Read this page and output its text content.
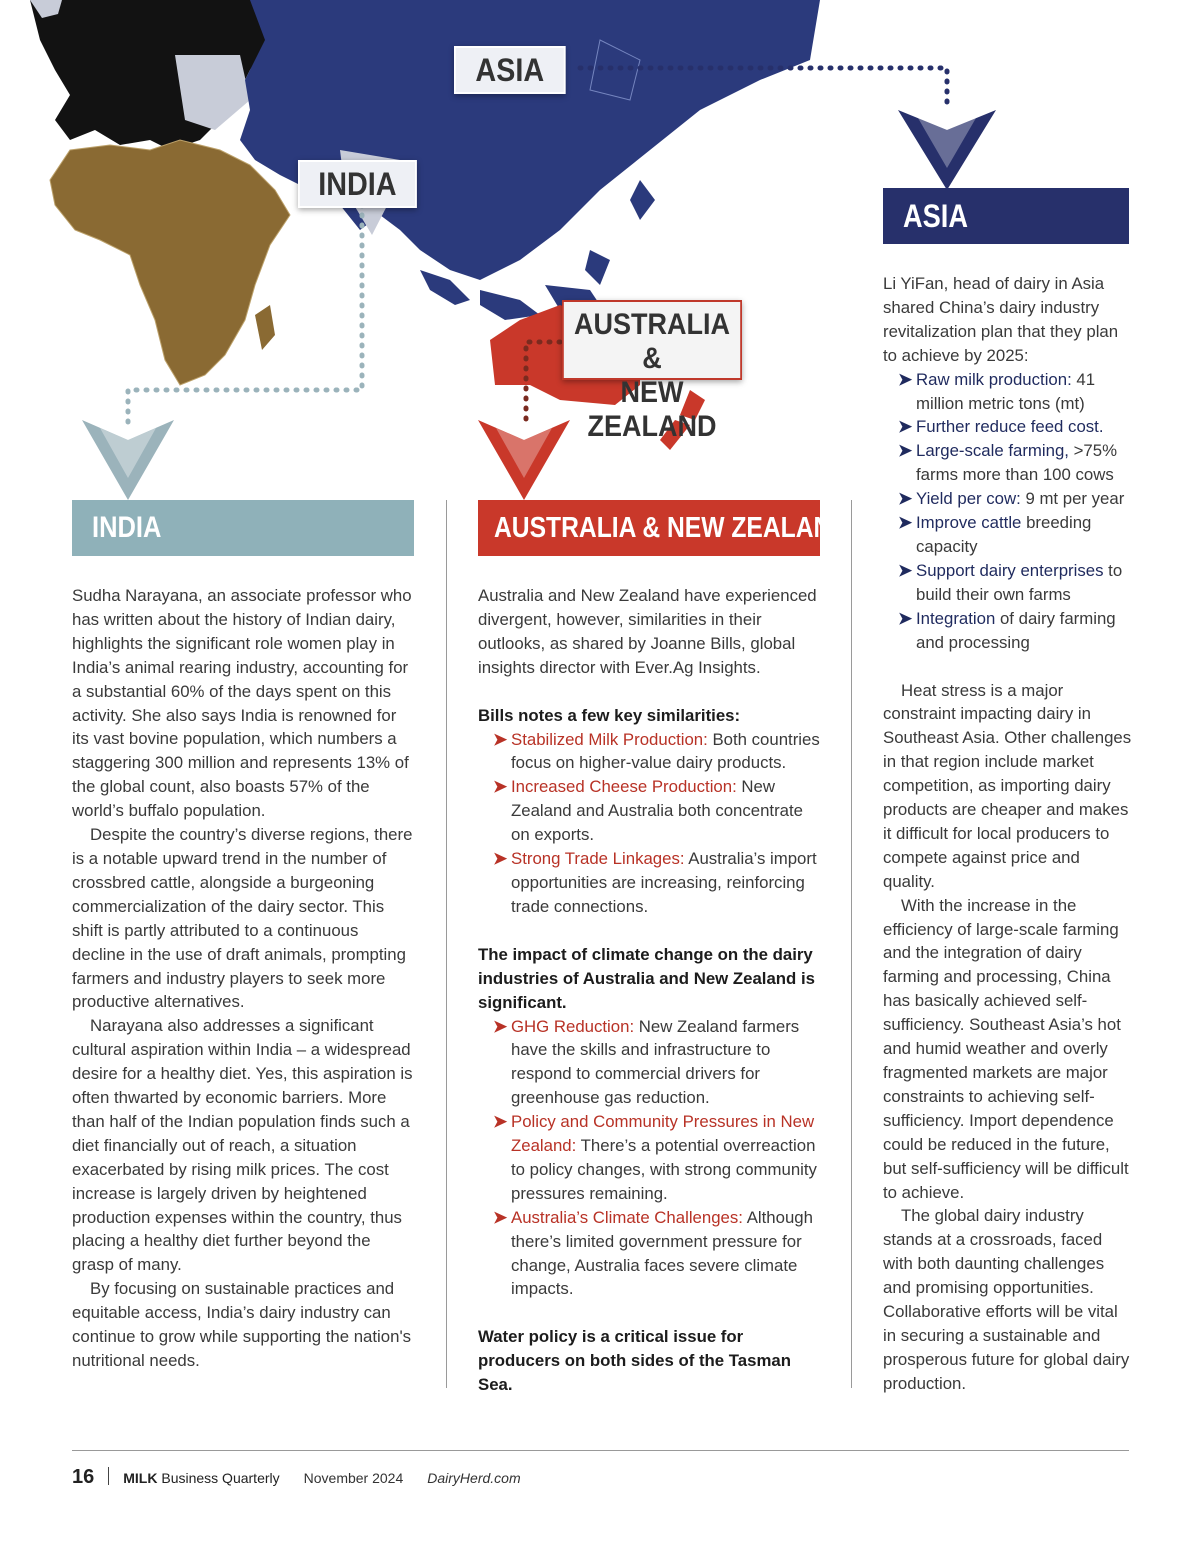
ASIA
INDIA
AUSTRALIA &
NEW ZEALAND
INDIA	AUSTRALIA & NEW ZEALAND
ASIA

Sudha Narayana, an associate professor who has written about the history of Indian dairy, highlights the significant role women play in India’s animal rearing industry, accounting for a substantial 60% of the days spent on this activity. She also says India is renowned for its vast bovine population, which numbers a staggering 300 million and represents 13% of the global count, also boasts 57% of the world’s buffalo population.

Despite the country’s diverse regions, there is a notable upward trend in the number of crossbred cattle, alongside a burgeoning commercialization of the dairy sector. This shift is partly attributed to a continuous decline in the use of draft animals, prompting farmers and industry players to seek more productive alternatives.

Narayana also addresses a significant cultural aspiration within India – a widespread desire for a healthy diet. Yes, this aspiration is often thwarted by economic barriers. More than half of the Indian population finds such a diet financially out of reach, a situation exacerbated by rising milk prices. The cost increase is largely driven by heightened production expenses within the country, thus placing a healthy diet further beyond the grasp of many.

By focusing on sustainable practices and equitable access, India’s dairy industry can continue to grow while supporting the nation's nutritional needs.

Australia and New Zealand have experienced divergent, however, similarities in their outlooks, as shared by Joanne Bills, global insights director with Ever.Ag Insights.

Bills notes a few key similarities:

➤ Stabilized Milk Production: Both countries focus on higher-value dairy products.
➤ Increased Cheese Production: New Zealand and Australia both concentrate on exports.
➤ Strong Trade Linkages: Australia’s import opportunities are increasing, reinforcing trade connections.

The impact of climate change on the dairy industries of Australia and New Zealand is significant.

➤ GHG Reduction: New Zealand farmers have the skills and infrastructure to respond to commercial drivers for greenhouse gas reduction.
➤ Policy and Community Pressures in New Zealand: There’s a potential overreaction to policy changes, with strong community pressures remaining.
➤ Australia’s Climate Challenges: Although there’s limited government pressure for change, Australia faces severe climate impacts.

Water policy is a critical issue for producers on both sides of the Tasman Sea.

Li YiFan, head of dairy in Asia shared China’s dairy industry revitalization plan that they plan to achieve by 2025:

➤ Raw milk production: 41 million metric tons (mt)
➤ Further reduce feed cost.
➤ Large-scale farming, >75% farms more than 100 cows
➤ Yield per cow: 9 mt per year
➤ Improve cattle breeding capacity
➤ Support dairy enterprises to build their own farms
➤ Integration of dairy farming and processing

Heat stress is a major constraint impacting dairy in Southeast Asia. Other challenges in that region include market competition, as importing dairy products are cheaper and makes it difficult for local producers to compete against price and quality.

With the increase in the efficiency of large-scale farming and the integration of dairy farming and processing, China has basically achieved self-sufficiency. Southeast Asia’s hot and humid weather and overly fragmented markets are major constraints to achieving self-sufficiency. Import dependence could be reduced in the future, but self-sufficiency will be difficult to achieve.

The global dairy industry stands at a crossroads, faced with both daunting challenges and promising opportunities. Collaborative efforts will be vital in securing a sustainable and prosperous future for global dairy production.

16 MILK Business Quarterly November 2024 DairyHerd.com
